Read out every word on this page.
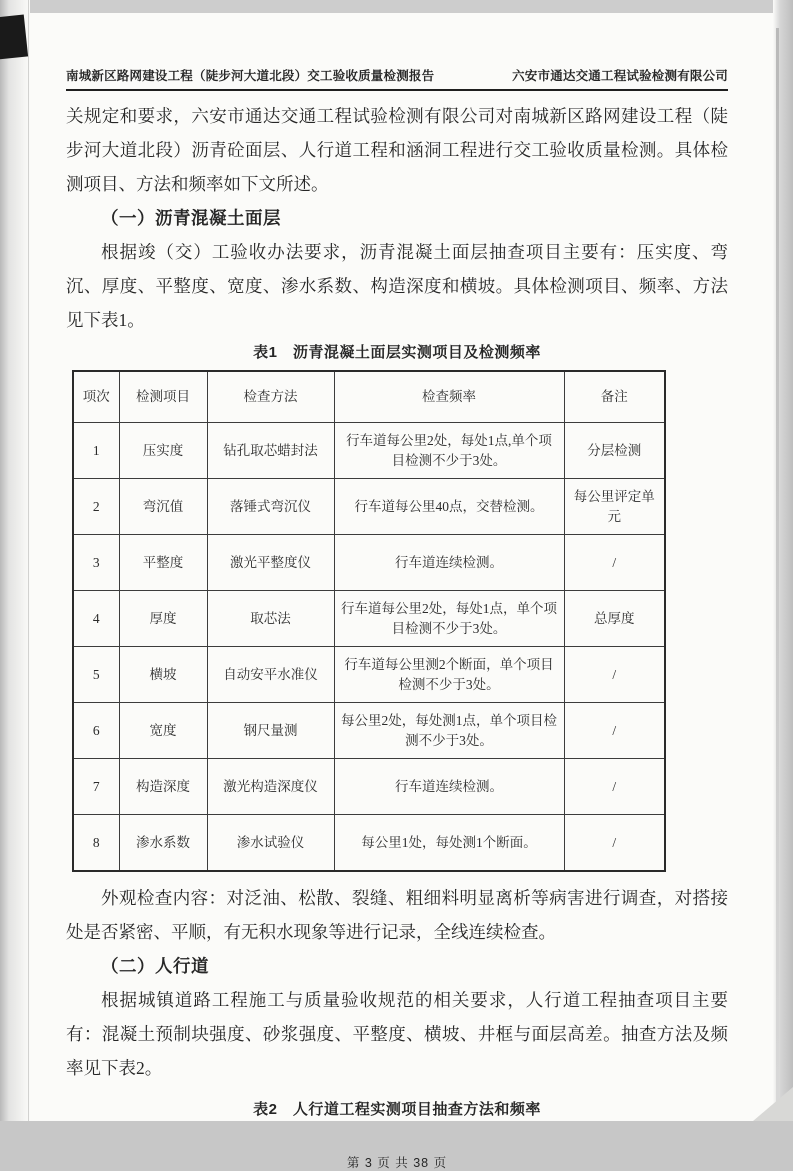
南城新区路网建设工程（陡步河大道北段）交工验收质量检测报告	六安市通达交通工程试验检测有限公司

关规定和要求，六安市通达交通工程试验检测有限公司对南城新区路网建设工程（陡步河大道北段）沥青砼面层、人行道工程和涵洞工程进行交工验收质量检测。具体检测项目、方法和频率如下文所述。

（一）沥青混凝土面层

根据竣（交）工验收办法要求，沥青混凝土面层抽查项目主要有：压实度、弯沉、厚度、平整度、宽度、渗水系数、构造深度和横坡。具体检测项目、频率、方法见下表1。

表1　沥青混凝土面层实测项目及检测频率
项次	检测项目	检查方法	检查频率	备注
1	压实度	钻孔取芯蜡封法	行车道每公里2处，每处1点,单个项目检测不少于3处。	分层检测
2	弯沉值	落锤式弯沉仪	行车道每公里40点，交替检测。	每公里评定单元
3	平整度	激光平整度仪	行车道连续检测。	/
4	厚度	取芯法	行车道每公里2处，每处1点，单个项目检测不少于3处。	总厚度
5	横坡	自动安平水准仪	行车道每公里测2个断面，单个项目检测不少于3处。	/
6	宽度	钢尺量测	每公里2处，每处测1点，单个项目检测不少于3处。	/
7	构造深度	激光构造深度仪	行车道连续检测。	/
8	渗水系数	渗水试验仪	每公里1处，每处测1个断面。	/

外观检查内容：对泛油、松散、裂缝、粗细料明显离析等病害进行调查，对搭接处是否紧密、平顺，有无积水现象等进行记录，全线连续检查。

（二）人行道

根据城镇道路工程施工与质量验收规范的相关要求，人行道工程抽查项目主要有：混凝土预制块强度、砂浆强度、平整度、横坡、井框与面层高差。抽查方法及频率见下表2。

表2　人行道工程实测项目抽查方法和频率
第 3 页 共 38 页
